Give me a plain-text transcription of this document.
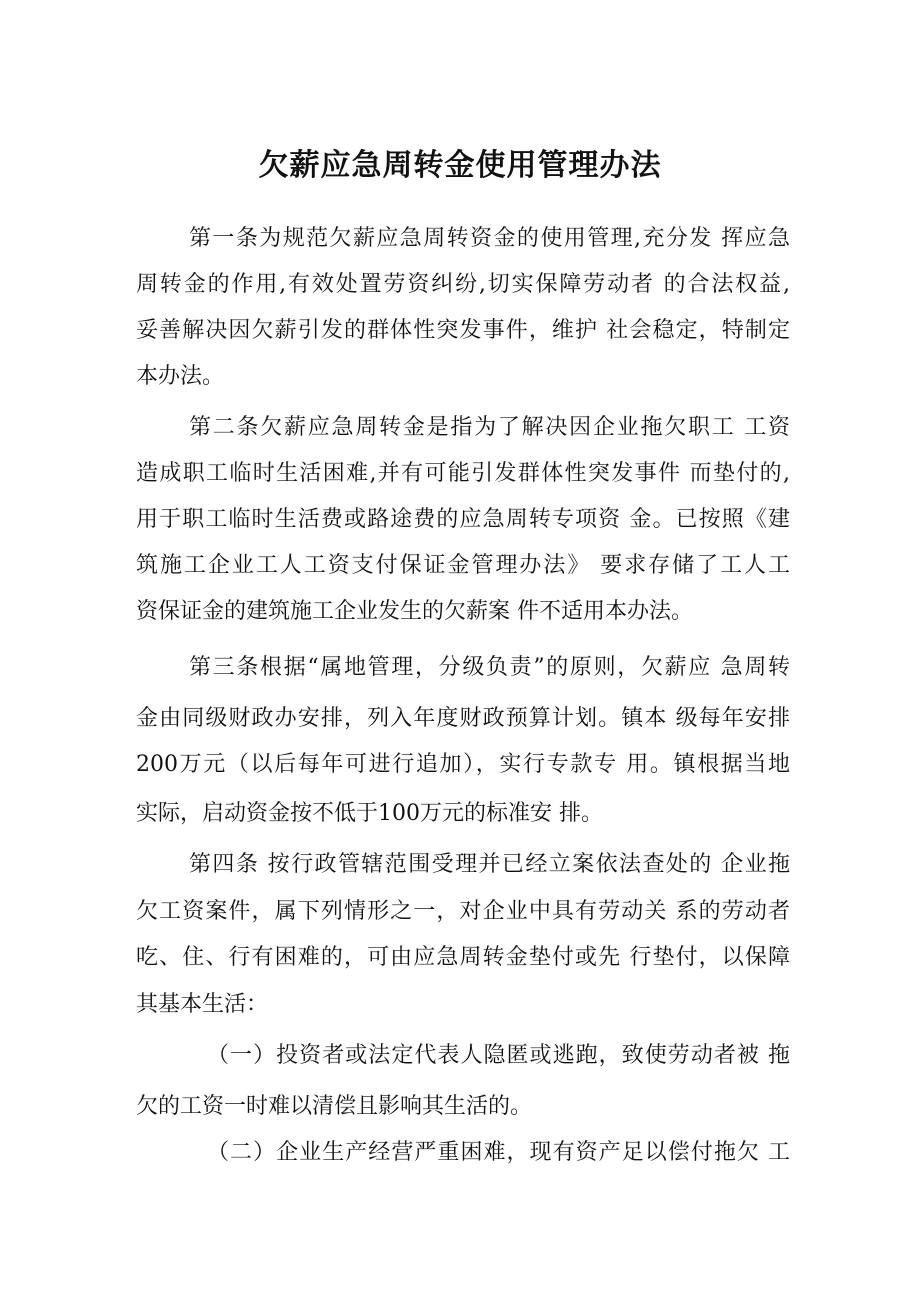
欠薪应急周转金使用管理办法
第一条为规范欠薪应急周转资金的使用管理,充分发 挥应急
周转金的作用,有效处置劳资纠纷,切实保障劳动者 的合法权益,
妥善解决因欠薪引发的群体性突发事件，维护 社会稳定，特制定
本办法。
第二条欠薪应急周转金是指为了解决因企业拖欠职工 工资
造成职工临时生活困难,并有可能引发群体性突发事件 而垫付的,
用于职工临时生活费或路途费的应急周转专项资 金。已按照《建
筑施工企业工人工资支付保证金管理办法》 要求存储了工人工
资保证金的建筑施工企业发生的欠薪案 件不适用本办法。
第三条根据“属地管理，分级负责”的原则，欠薪应 急周转
金由同级财政办安排，列入年度财政预算计划。镇本 级每年安排
200万元（以后每年可进行追加），实行专款专 用。镇根据当地
实际，启动资金按不低于100万元的标准安 排。
第四条 按行政管辖范围受理并已经立案依法查处的 企业拖
欠工资案件，属下列情形之一，对企业中具有劳动关 系的劳动者
吃、住、行有困难的，可由应急周转金垫付或先 行垫付，以保障
其基本生活：
（一）投资者或法定代表人隐匿或逃跑，致使劳动者被 拖
欠的工资一时难以清偿且影响其生活的。
（二）企业生产经营严重困难，现有资产足以偿付拖欠 工
